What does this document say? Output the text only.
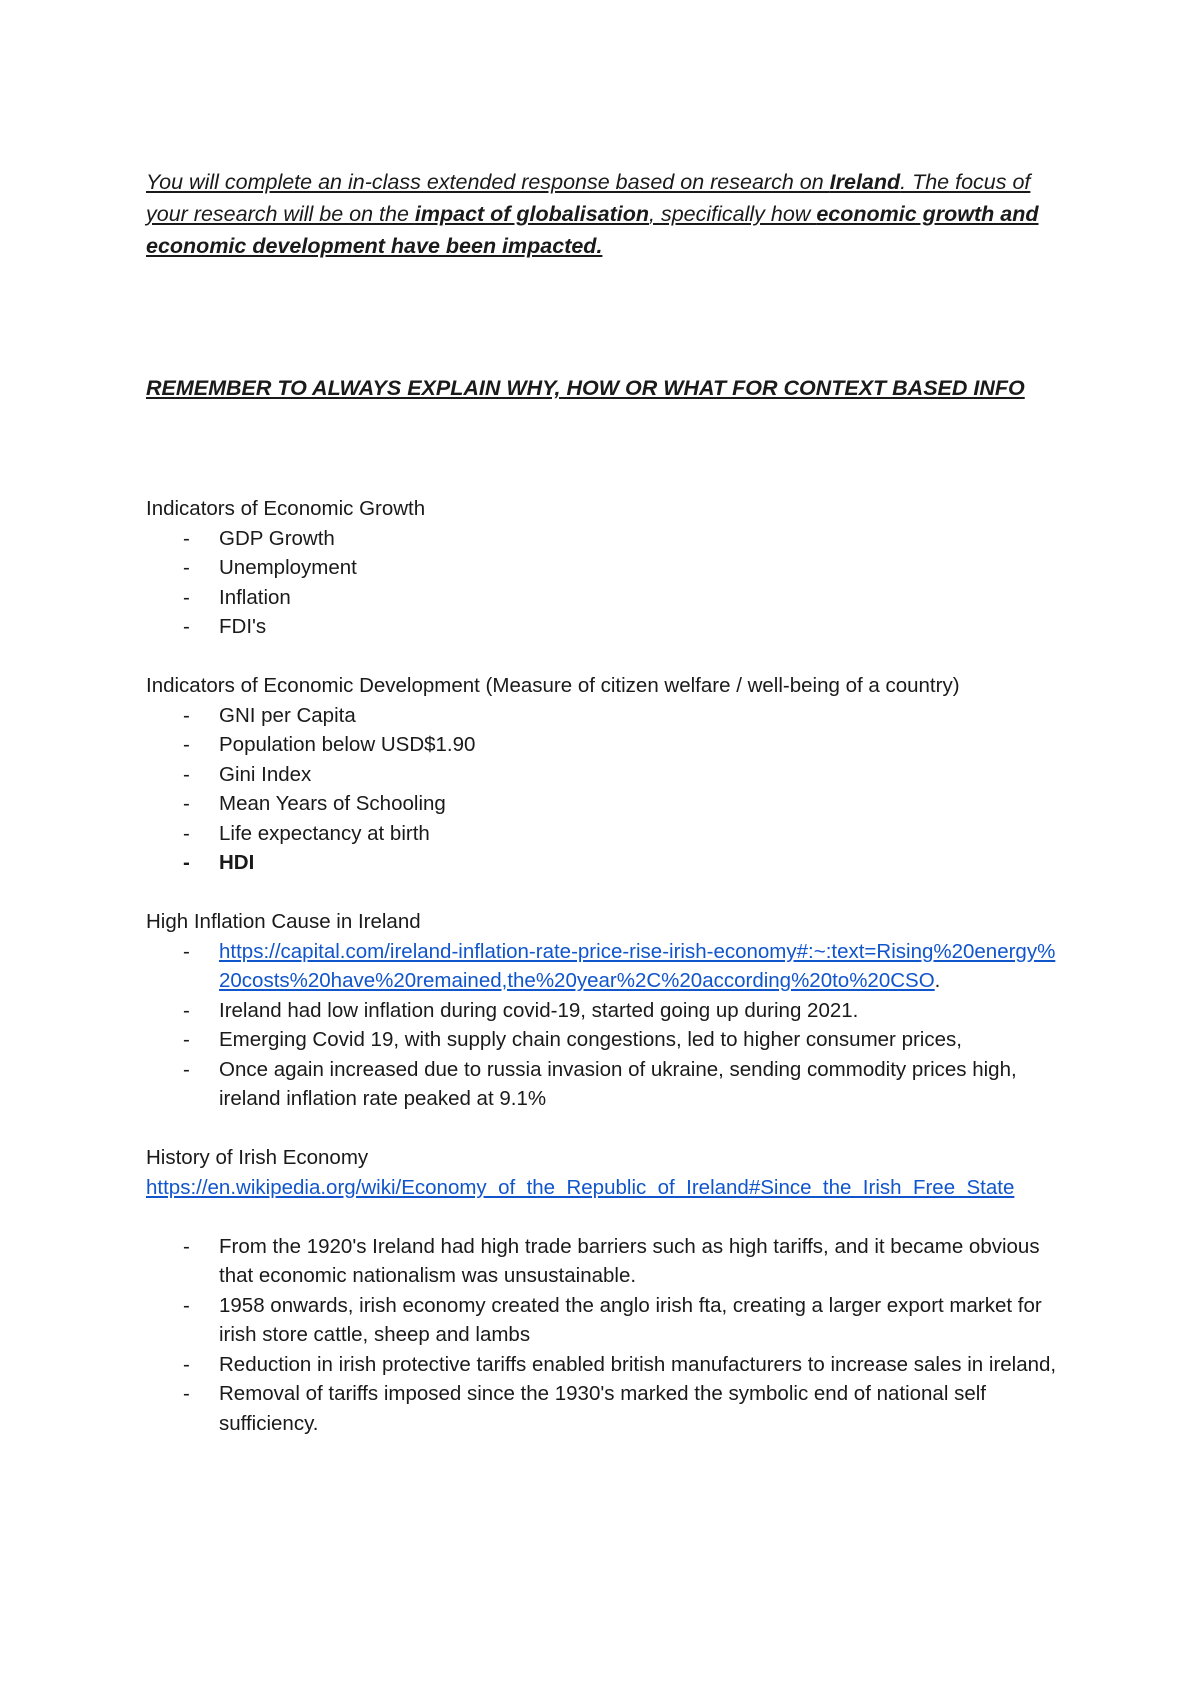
You will complete an in-class extended response based on research on Ireland. The focus of your research will be on the impact of globalisation, specifically how economic growth and economic development have been impacted.

REMEMBER TO ALWAYS EXPLAIN WHY, HOW OR WHAT FOR CONTEXT BASED INFO

Indicators of Economic Growth

- GDP Growth
- Unemployment
- Inflation
- FDI's

Indicators of Economic Development (Measure of citizen welfare / well-being of a country)

- GNI per Capita
- Population below USD$1.90
- Gini Index
- Mean Years of Schooling
- Life expectancy at birth
- HDI

High Inflation Cause in Ireland

- https://capital.com/ireland-inflation-rate-price-rise-irish-economy#:~:text=Rising%20energy%20costs%20have%20remained,the%20year%2C%20according%20to%20CSO.
- Ireland had low inflation during covid-19, started going up during 2021.
- Emerging Covid 19, with supply chain congestions, led to higher consumer prices,
- Once again increased due to russia invasion of ukraine, sending commodity prices high, ireland inflation rate peaked at 9.1%

History of Irish Economy

https://en.wikipedia.org/wiki/Economy_of_the_Republic_of_Ireland#Since_the_Irish_Free_State

- From the 1920's Ireland had high trade barriers such as high tariffs, and it became obvious that economic nationalism was unsustainable.
- 1958 onwards, irish economy created the anglo irish fta, creating a larger export market for irish store cattle, sheep and lambs
- Reduction in irish protective tariffs enabled british manufacturers to increase sales in ireland,
- Removal of tariffs imposed since the 1930's marked the symbolic end of national self sufficiency.
